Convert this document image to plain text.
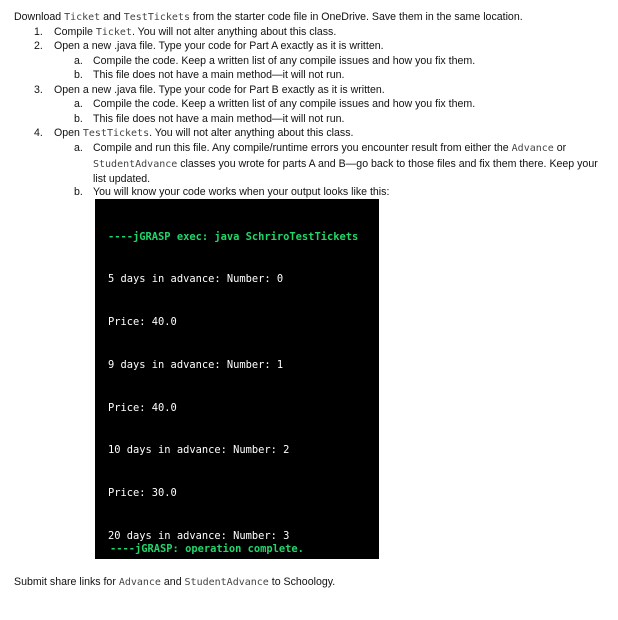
Download Ticket and TestTickets from the starter code file in OneDrive. Save them in the same location.
1. Compile Ticket. You will not alter anything about this class.
2. Open a new .java file. Type your code for Part A exactly as it is written.
a. Compile the code. Keep a written list of any compile issues and how you fix them.
b. This file does not have a main method—it will not run.
3. Open a new .java file. Type your code for Part B exactly as it is written.
a. Compile the code. Keep a written list of any compile issues and how you fix them.
b. This file does not have a main method—it will not run.
4. Open TestTickets. You will not alter anything about this class.
a. Compile and run this file. Any compile/runtime errors you encounter result from either the Advance or StudentAdvance classes you wrote for parts A and B—go back to those files and fix them there. Keep your list updated.
b. You will know your code works when your output looks like this:

----jGRASP exec: java SchriroTestTickets

5 days in advance: Number: 0

Price: 40.0

9 days in advance: Number: 1

Price: 40.0

10 days in advance: Number: 2

Price: 30.0

20 days in advance: Number: 3

----jGRASP: operation complete.
Submit share links for Advance and StudentAdvance to Schoology.
